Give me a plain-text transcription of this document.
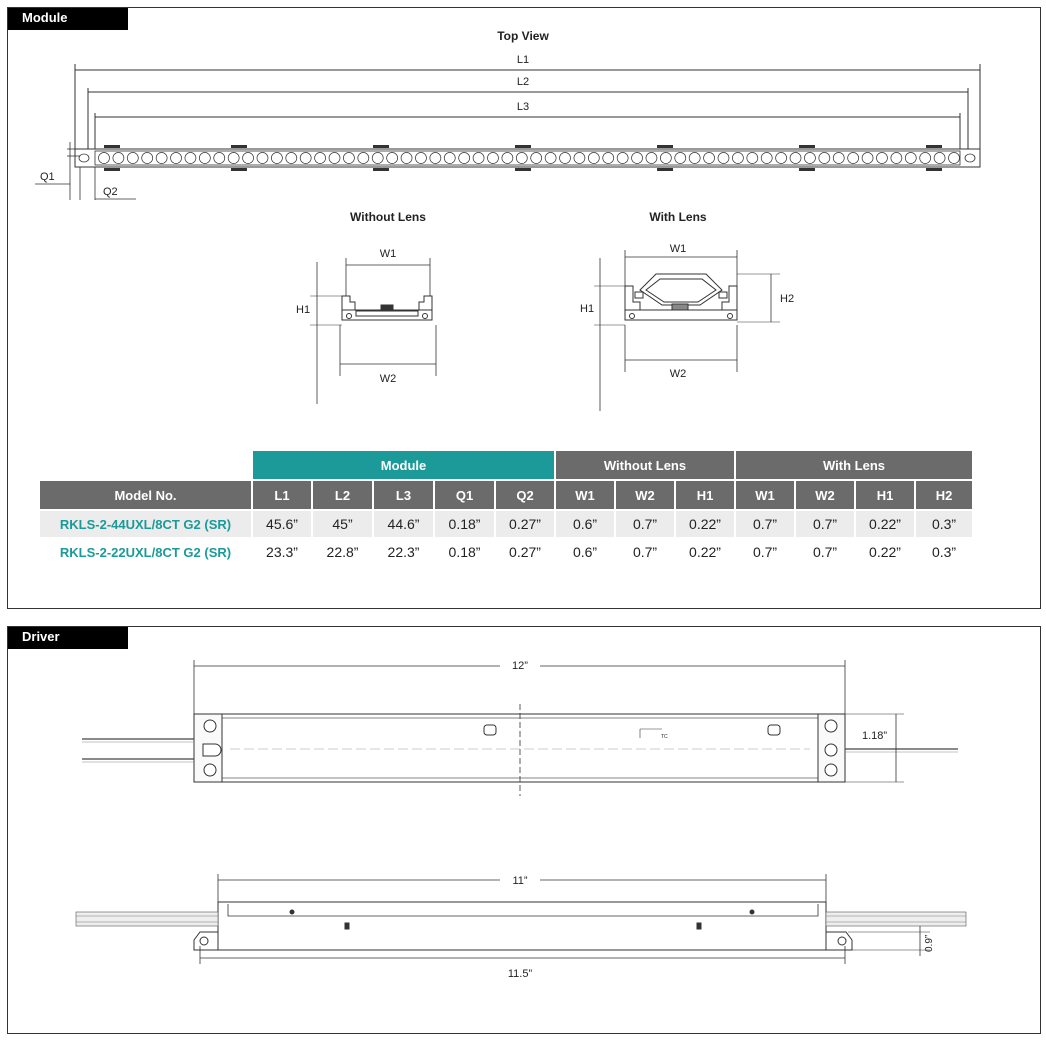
Module
Top View
L1
L2
L3
Q1
Q2
Without Lens
W1
W2
H1
With Lens
W1
W2
H1
H2
	Module					Without Lens			With Lens			
Model No.	L1	L2	L3	Q1	Q2	W1	W2	H1	W1	W2	H1	H2
RKLS-2-44UXL/8CT G2 (SR)	45.6”	45”	44.6”	0.18”	0.27”	0.6”	0.7”	0.22”	0.7”	0.7”	0.22”	0.3”
RKLS-2-22UXL/8CT G2 (SR)	23.3”	22.8”	22.3”	0.18”	0.27”	0.6”	0.7”	0.22”	0.7”	0.7”	0.22”	0.3”
Driver
12”
TC	1.18”
11”
11.5”
0.9”
